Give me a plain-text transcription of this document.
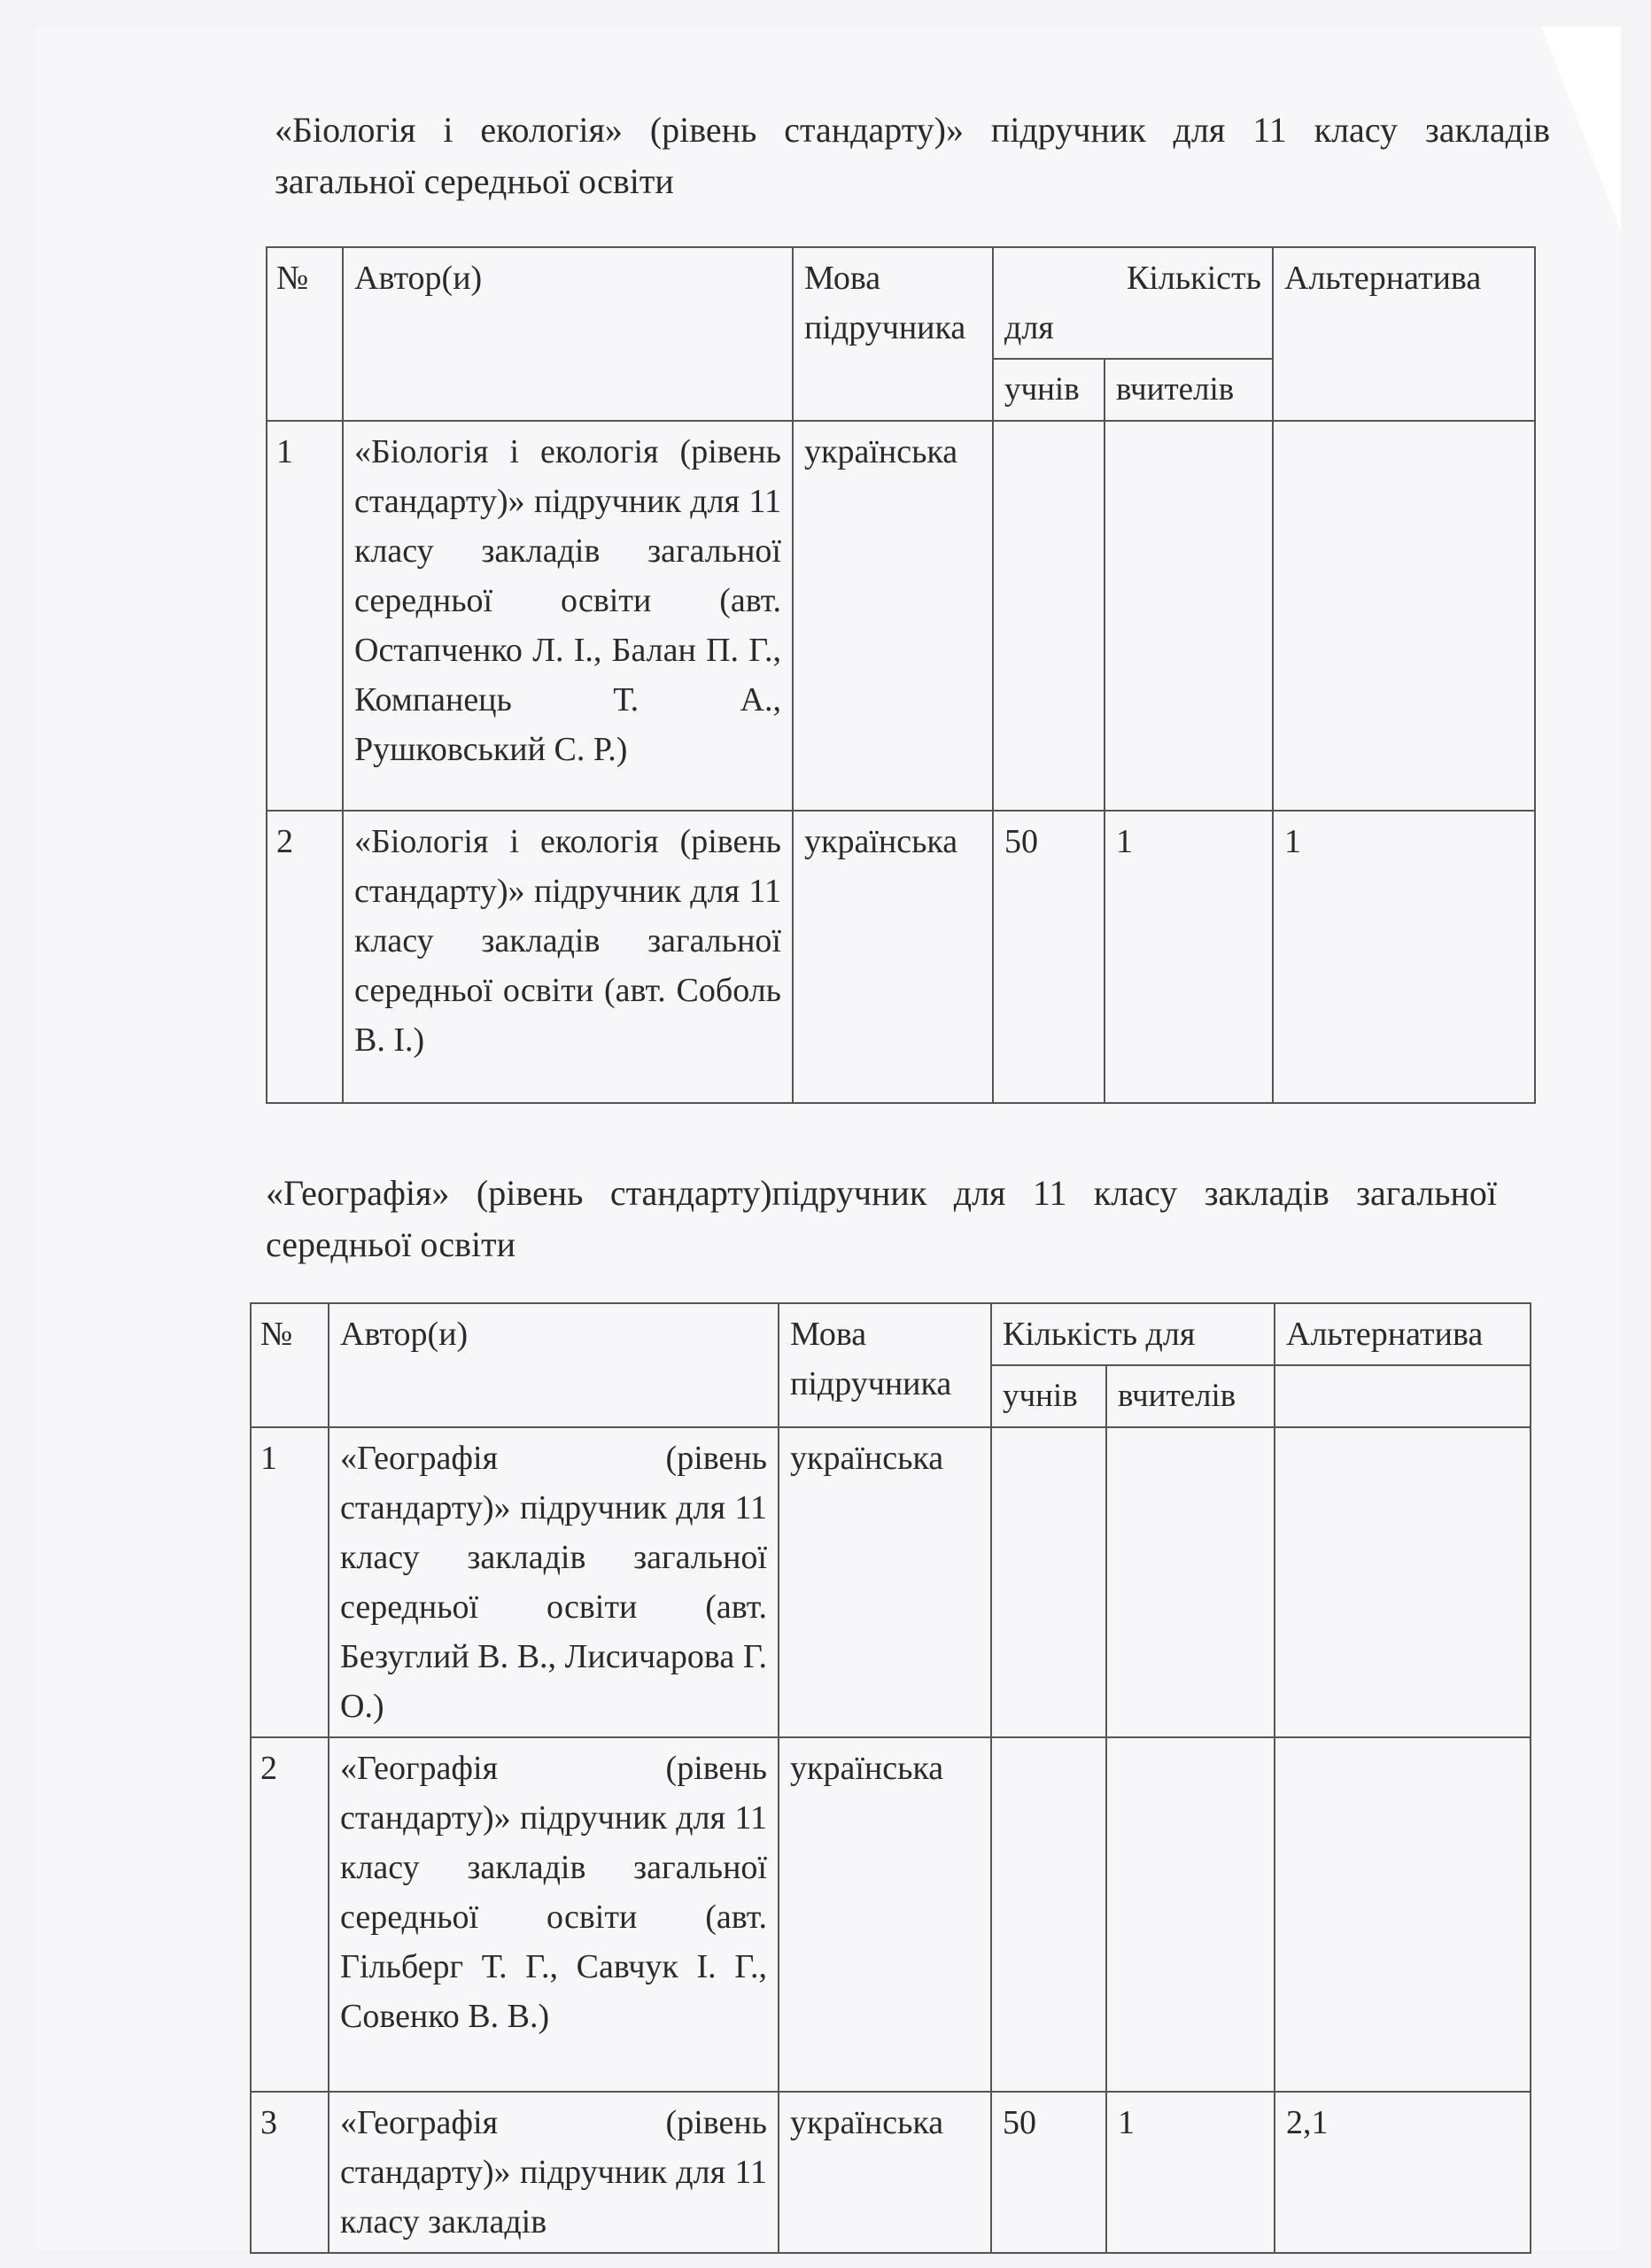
«Біологія і екологія» (рівень стандарту)» підручник для 11 класу закладів
загальної середньої освіти
№	Автор(и)	Мова підручника	Кількість
для		Альтернатива
			учнів	вчителів	
1	«Біологія і екологія (рівень стандарту)» підручник для 11 класу закладів загальної середньої освіти (авт. Остапченко Л. І., Балан П. Г., Компанець Т. А., Рушковський С. Р.)	українська			
2	«Біологія і екологія (рівень стандарту)» підручник для 11 класу закладів загальної середньої освіти (авт. Соболь В. І.)	українська	50	1	1
«Географія» (рівень стандарту)підручник для 11 класу закладів загальної
середньої освіти
№	Автор(и)	Мова підручника	Кількість для		Альтернатива
			учнів	вчителів	
1	«Географія (рівень стандарту)» підручник для 11 класу закладів загальної середньої освіти (авт. Безуглий В. В., Лисичарова Г. О.)	українська			
2	«Географія (рівень стандарту)» підручник для 11 класу закладів загальної середньої освіти (авт. Гільберг Т. Г., Савчук І. Г., Совенко В. В.)	українська			
3	«Географія (рівень стандарту)» підручник для 11 класу закладів	українська	50	1	2,1
